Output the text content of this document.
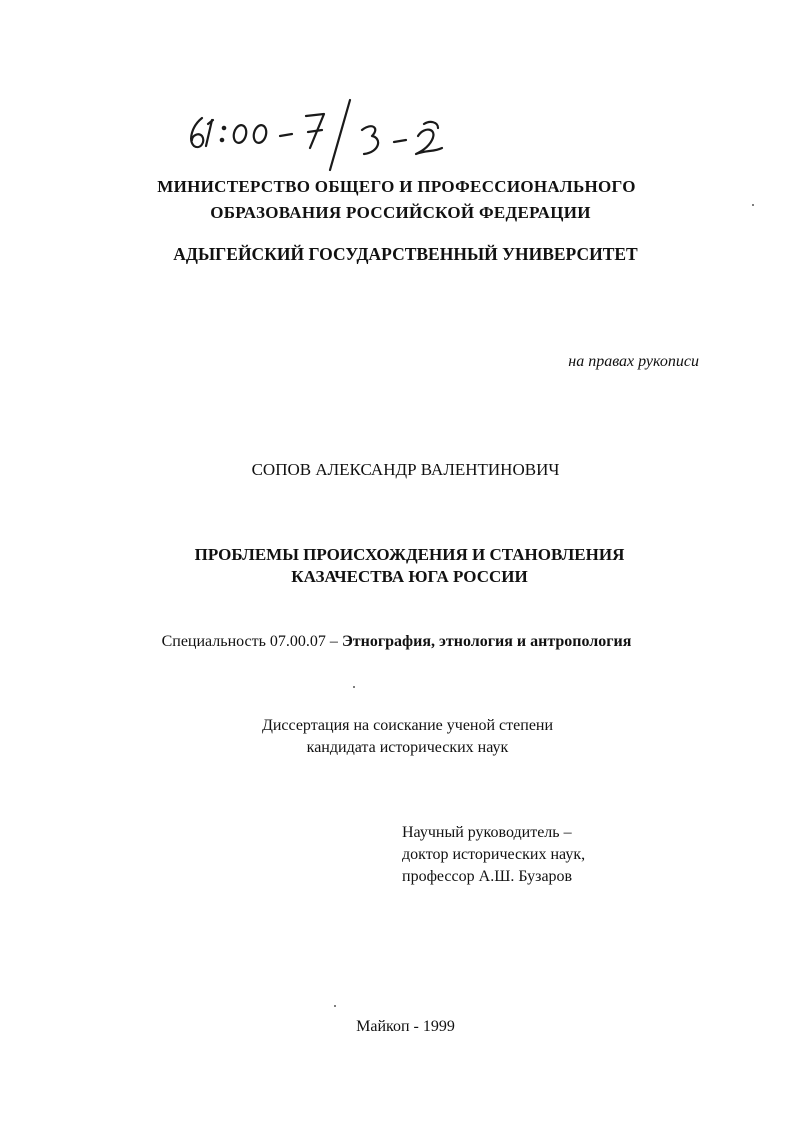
МИНИСТЕРСТВО ОБЩЕГО И ПРОФЕССИОНАЛЬНОГО
ОБРАЗОВАНИЯ РОССИЙСКОЙ ФЕДЕРАЦИИ
АДЫГЕЙСКИЙ ГОСУДАРСТВЕННЫЙ УНИВЕРСИТЕТ
на правах рукописи
СОПОВ АЛЕКСАНДР ВАЛЕНТИНОВИЧ
ПРОБЛЕМЫ ПРОИСХОЖДЕНИЯ И СТАНОВЛЕНИЯ
КАЗАЧЕСТВА ЮГА РОССИИ
Специальность 07.00.07 – Этнография, этнология и антропология
Диссертация на соискание ученой степени
кандидата исторических наук
Научный руководитель –
доктор исторических наук,
профессор А.Ш. Бузаров
Майкоп - 1999
